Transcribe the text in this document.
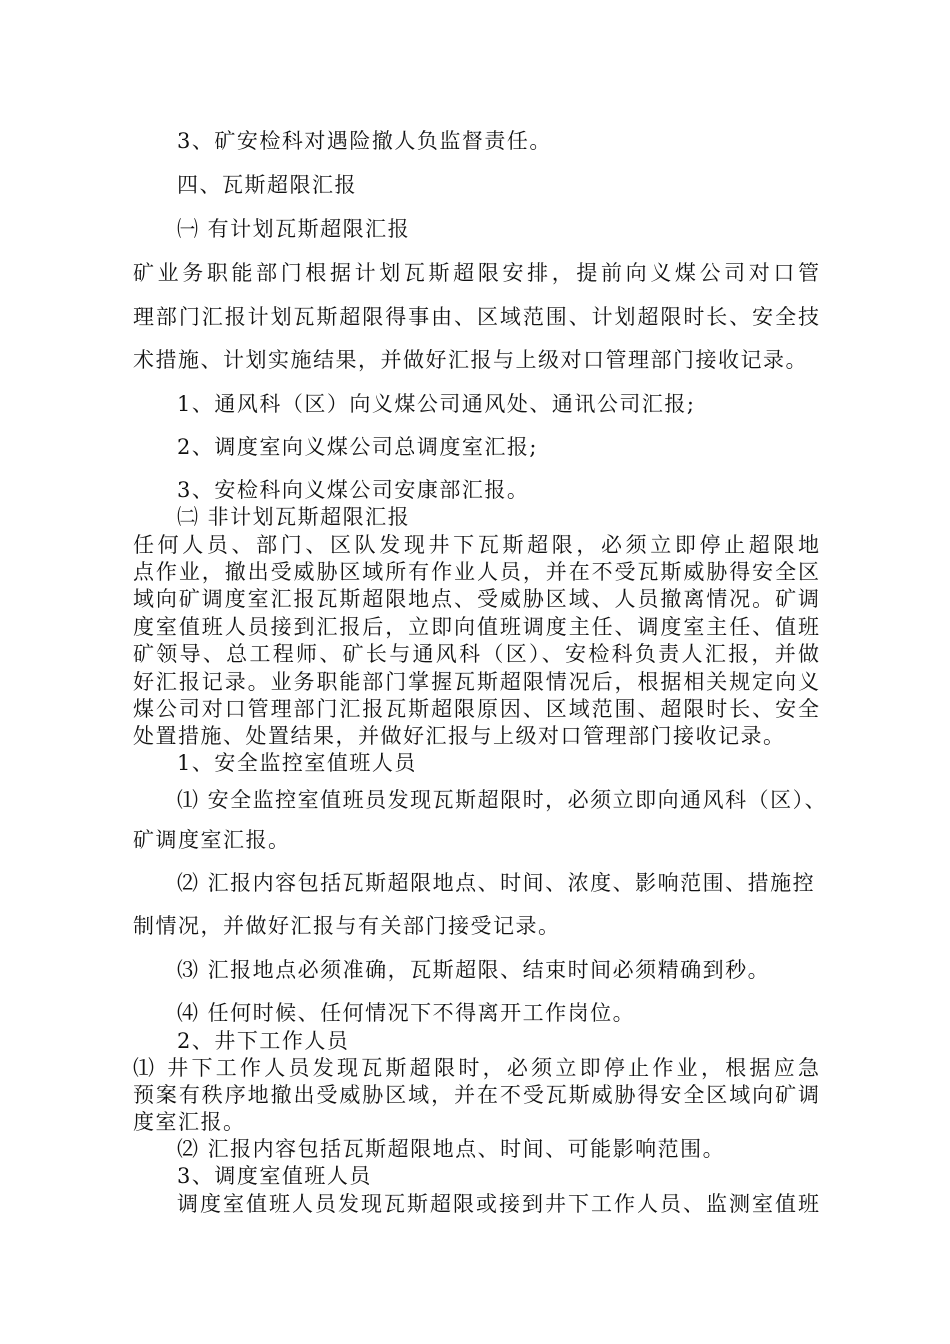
3、矿安检科对遇险撤人负监督责任。

四、瓦斯超限汇报

㈠ 有计划瓦斯超限汇报

矿业务职能部门根据计划瓦斯超限安排，提前向义煤公司对口管

理部门汇报计划瓦斯超限得事由、区域范围、计划超限时长、安全技

术措施、计划实施结果，并做好汇报与上级对口管理部门接收记录。

1、通风科（区）向义煤公司通风处、通讯公司汇报;

2、调度室向义煤公司总调度室汇报;

3、安检科向义煤公司安康部汇报。

㈡ 非计划瓦斯超限汇报

任何人员、部门、区队发现井下瓦斯超限，必须立即停止超限地

点作业，撤出受威胁区域所有作业人员，并在不受瓦斯威胁得安全区

域向矿调度室汇报瓦斯超限地点、受威胁区域、人员撤离情况。矿调

度室值班人员接到汇报后，立即向值班调度主任、调度室主任、值班

矿领导、总工程师、矿长与通风科（区）、安检科负责人汇报，并做

好汇报记录。业务职能部门掌握瓦斯超限情况后，根据相关规定向义

煤公司对口管理部门汇报瓦斯超限原因、区域范围、超限时长、安全

处置措施、处置结果，并做好汇报与上级对口管理部门接收记录。

1、安全监控室值班人员

⑴ 安全监控室值班员发现瓦斯超限时，必须立即向通风科（区）、

矿调度室汇报。

⑵ 汇报内容包括瓦斯超限地点、时间、浓度、影响范围、措施控

制情况，并做好汇报与有关部门接受记录。

⑶ 汇报地点必须准确，瓦斯超限、结束时间必须精确到秒。

⑷ 任何时候、任何情况下不得离开工作岗位。

2、井下工作人员

⑴ 井下工作人员发现瓦斯超限时，必须立即停止作业，根据应急

预案有秩序地撤出受威胁区域，并在不受瓦斯威胁得安全区域向矿调

度室汇报。

⑵ 汇报内容包括瓦斯超限地点、时间、可能影响范围。

3、调度室值班人员

调度室值班人员发现瓦斯超限或接到井下工作人员、监测室值班
